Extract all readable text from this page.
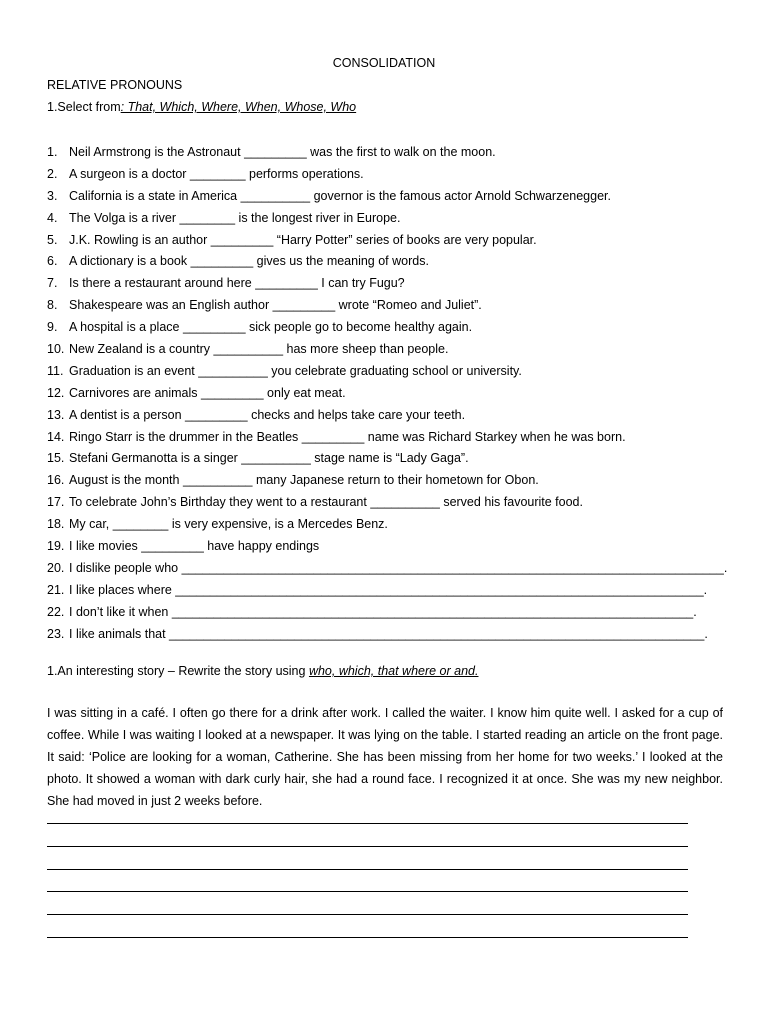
CONSOLIDATION
RELATIVE PRONOUNS
1.Select from: That, Which, Where, When, Whose, Who
1. Neil Armstrong is the Astronaut _________ was the first to walk on the moon.
2. A surgeon is a doctor ________ performs operations.
3. California is a state in America __________ governor is the famous actor Arnold Schwarzenegger.
4. The Volga is a river ________ is the longest river in Europe.
5. J.K. Rowling is an author _________ “Harry Potter” series of books are very popular.
6. A dictionary is a book _________ gives us the meaning of words.
7. Is there a restaurant around here _________ I can try Fugu?
8. Shakespeare was an English author _________ wrote “Romeo and Juliet”.
9. A hospital is a place _________ sick people go to become healthy again.
10. New Zealand is a country __________ has more sheep than people.
11. Graduation is an event __________ you celebrate graduating school or university.
12. Carnivores are animals _________ only eat meat.
13. A dentist is a person _________ checks and helps take care your teeth.
14. Ringo Starr is the drummer in the Beatles _________ name was Richard Starkey when he was born.
15. Stefani Germanotta is a singer __________ stage name is “Lady Gaga”.
16. August is the month __________ many Japanese return to their hometown for Obon.
17. To celebrate John’s Birthday they went to a restaurant __________ served his favourite food.
18. My car, ________ is very expensive, is a Mercedes Benz.
19. I like movies _________ have happy endings
20. I dislike people who ______________________________________________________________________________.
21. I like places where ____________________________________________________________________________.
22. I don’t like it when ___________________________________________________________________________.
23. I like animals that _____________________________________________________________________________.
1.An interesting story – Rewrite the story using who, which, that where or and.

I was sitting in a café. I often go there for a drink after work. I called the waiter. I know him quite well. I asked for a cup of coffee. While I was waiting I looked at a newspaper. It was lying on the table. I started reading an article on the front page. It said: ‘Police are looking for a woman, Catherine. She has been missing from her home for two weeks.’ I looked at the photo. It showed a woman with dark curly hair, she had a round face. I recognized it at once. She was my new neighbor. She had moved in just 2 weeks before.
